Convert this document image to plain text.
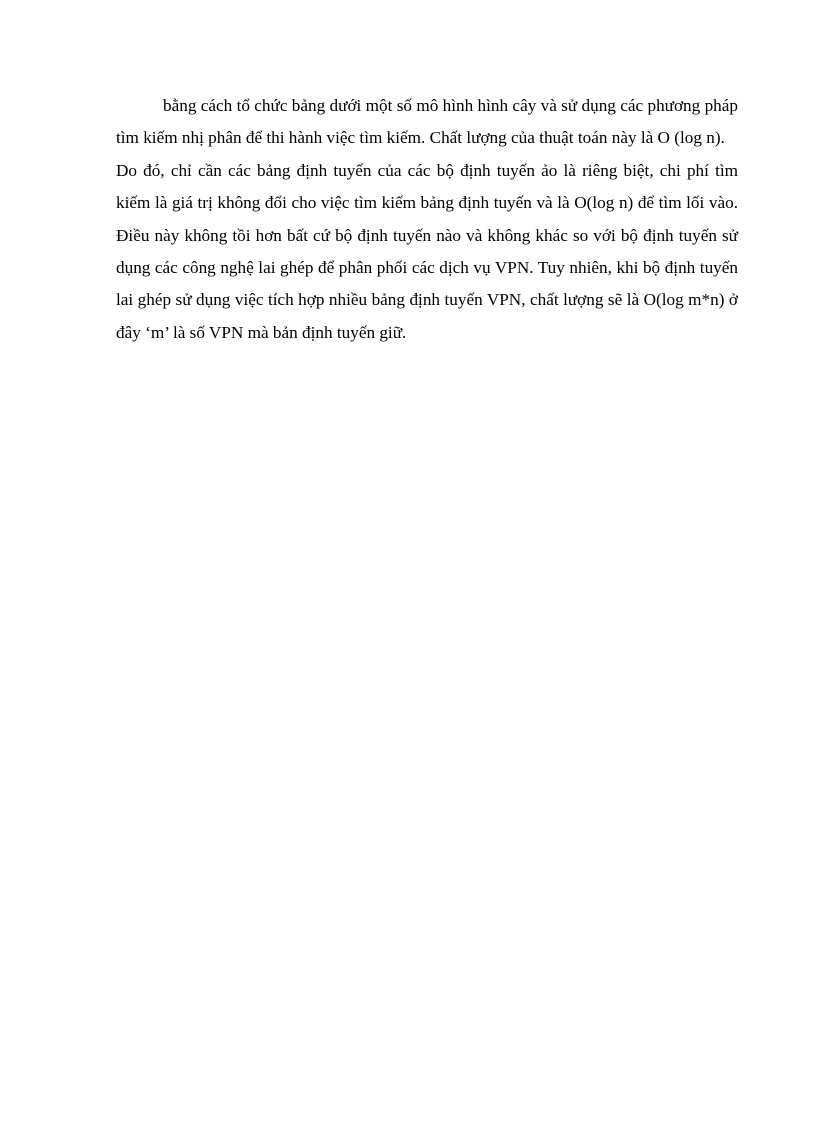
bằng cách tổ chức bảng dưới một số mô hình hình cây và sử dụng các phương pháp tìm kiếm nhị phân để thi hành việc tìm kiếm. Chất lượng của thuật toán này là O (log n).

Do đó, chỉ cần các bảng định tuyến của các bộ định tuyến ảo là riêng biệt, chi phí tìm kiếm là giá trị không đổi cho việc tìm kiếm bảng định tuyến và là O(log n) để tìm lối vào. Điều này không tồi hơn bất cứ bộ định tuyến nào và không khác so với bộ định tuyến sử dụng các công nghệ lai ghép để phân phối các dịch vụ VPN. Tuy nhiên, khi bộ định tuyến lai ghép sử dụng việc tích hợp nhiều bảng định tuyến VPN, chất lượng sẽ là O(log m*n) ở đây ‘m’ là số VPN mà bản định tuyến giữ.
